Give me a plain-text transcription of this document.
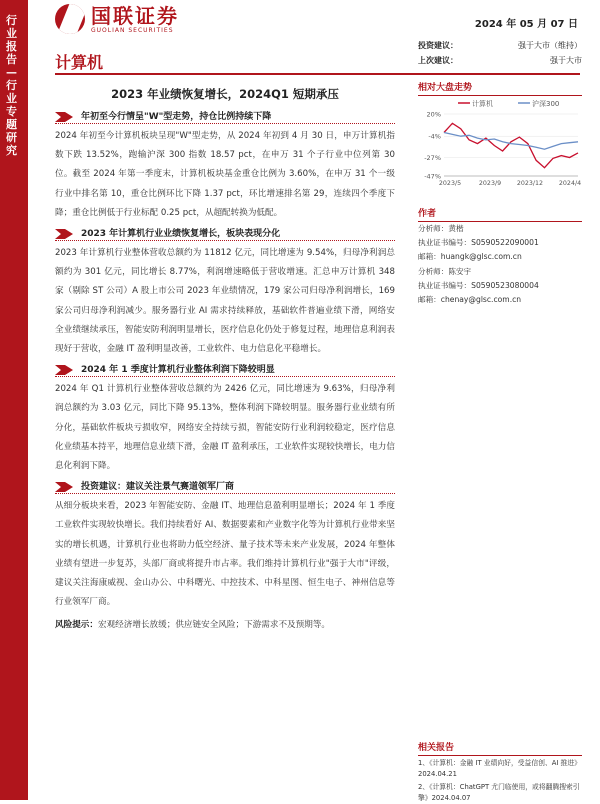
行业报告—行业专题研究
国联证券
GUOLIAN SECURITIES	2024 年 05 月 07 日
计算机
2023 年业绩恢复增长，2024Q1 短期承压
年初至今行情呈"W"型走势，持仓比例持续下降
2024 年初至今计算机板块呈现"W"型走势，从 2024 年初到 4 月 30 日，申万计算机指数下跌 13.52%，跑输沪深 300 指数 18.57 pct，在申万 31 个子行业中位列第 30 位。截至 2024 年第一季度末，计算机板块基金重仓比例为 3.60%，在申万 31 个一级行业中排名第 10，重仓比例环比下降 1.37 pct，环比增速排名第 29，连续四个季度下降；重仓比例低于行业标配 0.25 pct，从超配转换为低配。
2023 年计算机行业业绩恢复增长，板块表现分化
2023 年计算机行业整体营收总额约为 11812 亿元，同比增速为 9.54%，归母净利润总额约为 301 亿元，同比增长 8.77%，利润增速略低于营收增速。汇总申万计算机 348 家（剔除 ST 公司）A 股上市公司 2023 年业绩情况，179 家公司归母净利润增长，169 家公司归母净利润减少。服务器行业 AI 需求持续释放，基础软件普遍业绩下滑，网络安全业绩继续承压，智能安防利润明显增长，医疗信息化仍处于修复过程，地理信息利润表现好于营收，金融 IT 盈利明显改善，工业软件、电力信息化平稳增长。
2024 年 1 季度计算机行业整体利润下降较明显
2024 年 Q1 计算机行业整体营收总额约为 2426 亿元，同比增速为 9.63%，归母净利润总额约为 3.03 亿元，同比下降 95.13%，整体利润下降较明显。服务器行业业绩有所分化，基础软件板块亏损收窄，网络安全持续亏损，智能安防行业利润较稳定，医疗信息化业绩基本持平，地理信息业绩下滑，金融 IT 盈利承压，工业软件实现较快增长，电力信息化利润下降。
投资建议：建议关注景气赛道领军厂商
从细分板块来看，2023 年智能安防、金融 IT、地理信息盈利明显增长；2024 年 1 季度工业软件实现较快增长。我们持续看好 AI、数据要素和产业数字化等为计算机行业带来坚实的增长机遇，计算机行业也将助力低空经济、量子技术等未来产业发展，2024 年整体业绩有望进一步复苏，头部厂商或将提升市占率。我们维持计算机行业"强于大市"评级，建议关注海康威视、金山办公、中科曙光、中控技术、中科星图、恒生电子、神州信息等行业领军厂商。
风险提示：宏观经济增长放缓；供应链安全风险；下游需求不及预期等。
投资建议：	强于大市（维持）
上次建议：	强于大市
相对大盘走势
计算机	沪深300
20%
-4%
-27%
-47%
2023/5	2023/9	2023/12	2024/4
作者
分析师：黄楷
执业证书编号：S0590522090001
邮箱：huangk@glsc.com.cn
分析师：陈安宇
执业证书编号：S0590523080004
邮箱：chenay@glsc.com.cn
相关报告
1、《计算机：金融 IT 业绩向好，受益信创、AI 推进》2024.04.21
2、《计算机：ChatGPT 尤门临使用，或将翻腾搜索引擎》2024.04.07
